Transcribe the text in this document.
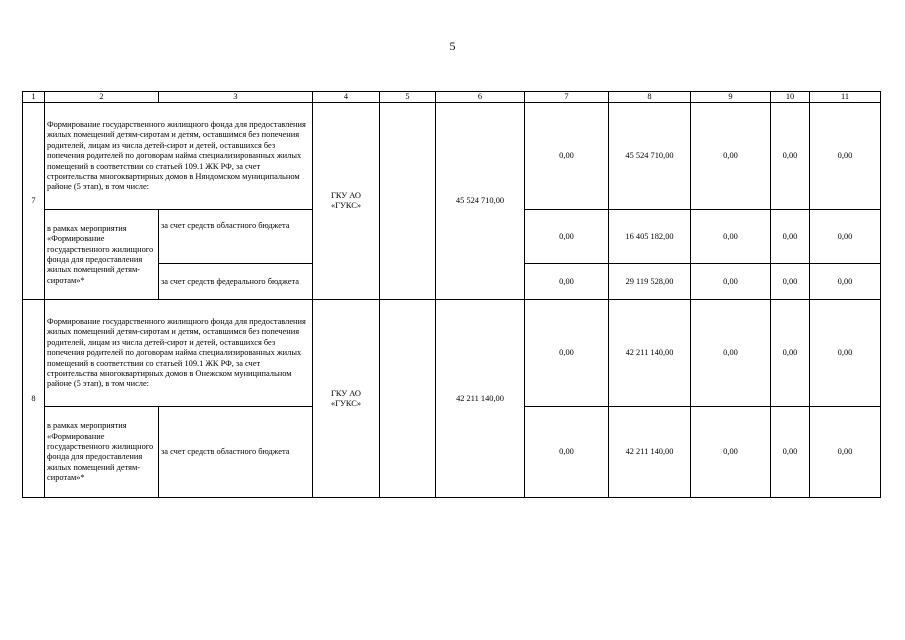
5
1	2	3	4	5	6	7	8	9	10	11
7	Формирование государственного жилищного фонда для предоставления жилых помещений детям-сиротам и детям, оставшимся без попечения родителей, лицам из числа детей-сирот и детей, оставшихся без попечения родителей по договорам найма специализированных жилых помещений в соответствии со статьей 109.1 ЖК РФ, за счет строительства многоквартирных домов в Няндомском муниципальном районе (5 этап), в том числе:		ГКУ АО «ГУКС»		45 524 710,00	0,00	45 524 710,00	0,00	0,00	0,00
	в рамках мероприятия «Формирование государственного жилищного фонда для предоставления жилых помещений детям-сиротам»*	за счет средств областного бюджета				0,00	16 405 182,00	0,00	0,00	0,00
		за счет средств федерального бюджета				0,00	29 119 528,00	0,00	0,00	0,00
8	Формирование государственного жилищного фонда для предоставления жилых помещений детям-сиротам и детям, оставшимся без попечения родителей, лицам из числа детей-сирот и детей, оставшихся без попечения родителей по договорам найма специализированных жилых помещений в соответствии со статьей 109.1 ЖК РФ, за счет строительства многоквартирных домов в Онежском муниципальном районе (5 этап), в том числе:		ГКУ АО «ГУКС»		42 211 140,00	0,00	42 211 140,00	0,00	0,00	0,00
	в рамках мероприятия «Формирование государственного жилищного фонда для предоставления жилых помещений детям-сиротам»*	за счет средств областного бюджета				0,00	42 211 140,00	0,00	0,00	0,00
